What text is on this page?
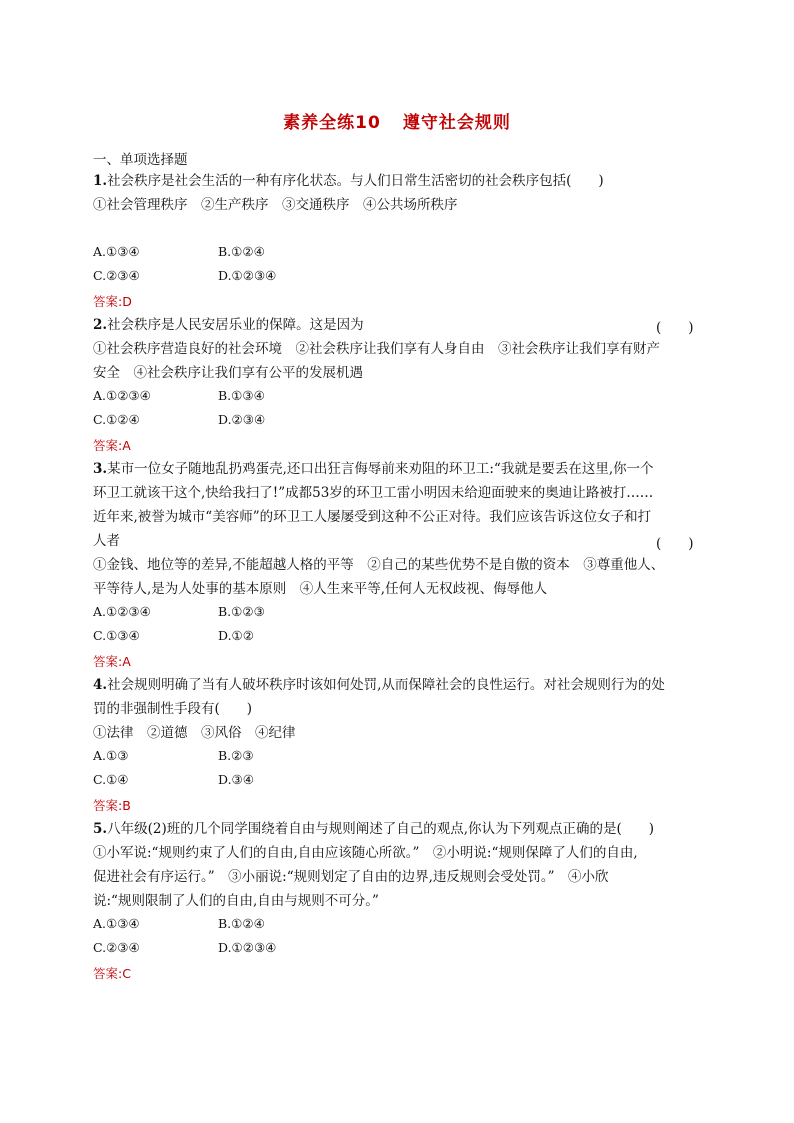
素养全练10 遵守社会规则
一、单项选择题
1.社会秩序是社会生活的一种有序化状态。与人们日常生活密切的社会秩序包括(　　)
①社会管理秩序　②生产秩序　③交通秩序　④公共场所秩序
A.①③④	B.①②④
C.②③④	D.①②③④
答案:D
2.社会秩序是人民安居乐业的保障。这是因为	(　　)
①社会秩序营造良好的社会环境　②社会秩序让我们享有人身自由　③社会秩序让我们享有财产
安全　④社会秩序让我们享有公平的发展机遇
A.①②③④	B.①③④
C.①②④	D.②③④
答案:A
3.某市一位女子随地乱扔鸡蛋壳,还口出狂言侮辱前来劝阻的环卫工:“我就是要丢在这里,你一个
环卫工就该干这个,快给我扫了!”成都53岁的环卫工雷小明因未给迎面驶来的奥迪让路被打……
近年来,被誉为城市“美容师”的环卫工人屡屡受到这种不公正对待。我们应该告诉这位女子和打
人者	(　　)
①金钱、地位等的差异,不能超越人格的平等　②自己的某些优势不是自傲的资本　③尊重他人、
平等待人,是为人处事的基本原则　④人生来平等,任何人无权歧视、侮辱他人
A.①②③④	B.①②③
C.①③④	D.①②
答案:A
4.社会规则明确了当有人破坏秩序时该如何处罚,从而保障社会的良性运行。对社会规则行为的处
罚的非强制性手段有(　　)
①法律　②道德　③风俗　④纪律
A.①③	B.②③
C.①④	D.③④
答案:B
5.八年级(2)班的几个同学围绕着自由与规则阐述了自己的观点,你认为下列观点正确的是(　　)
①小军说:“规则约束了人们的自由,自由应该随心所欲。”　②小明说:“规则保障了人们的自由,
促进社会有序运行。”　③小丽说:“规则划定了自由的边界,违反规则会受处罚。”　④小欣
说:“规则限制了人们的自由,自由与规则不可分。”
A.①③④	B.①②④
C.②③④	D.①②③④
答案:C
